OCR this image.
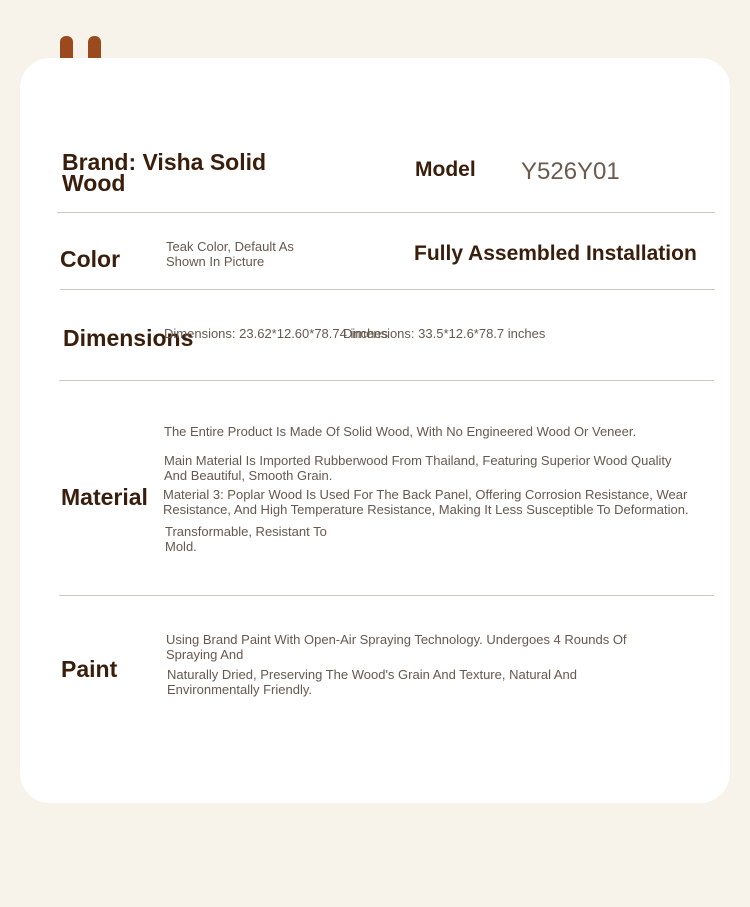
Brand: Visha Solid Wood
Model Y526Y01
Color	Teak Color, Default As Shown In Picture	Fully Assembled Installation
Dimensions
Dimensions: 23.62*12.60*78.74 inches
Dimensions: 33.5*12.6*78.7 inches
Material
The Entire Product Is Made Of Solid Wood, With No Engineered Wood Or Veneer.
Main Material Is Imported Rubberwood From Thailand, Featuring Superior Wood Quality And Beautiful, Smooth Grain.
Material 3: Poplar Wood Is Used For The Back Panel, Offering Corrosion Resistance, Wear Resistance, And High Temperature Resistance, Making It Less Susceptible To Deformation.
Transformable, Resistant To Mold.
Paint
Using Brand Paint With Open-Air Spraying Technology. Undergoes 4 Rounds Of Spraying And
Naturally Dried, Preserving The Wood's Grain And Texture, Natural And Environmentally Friendly.
